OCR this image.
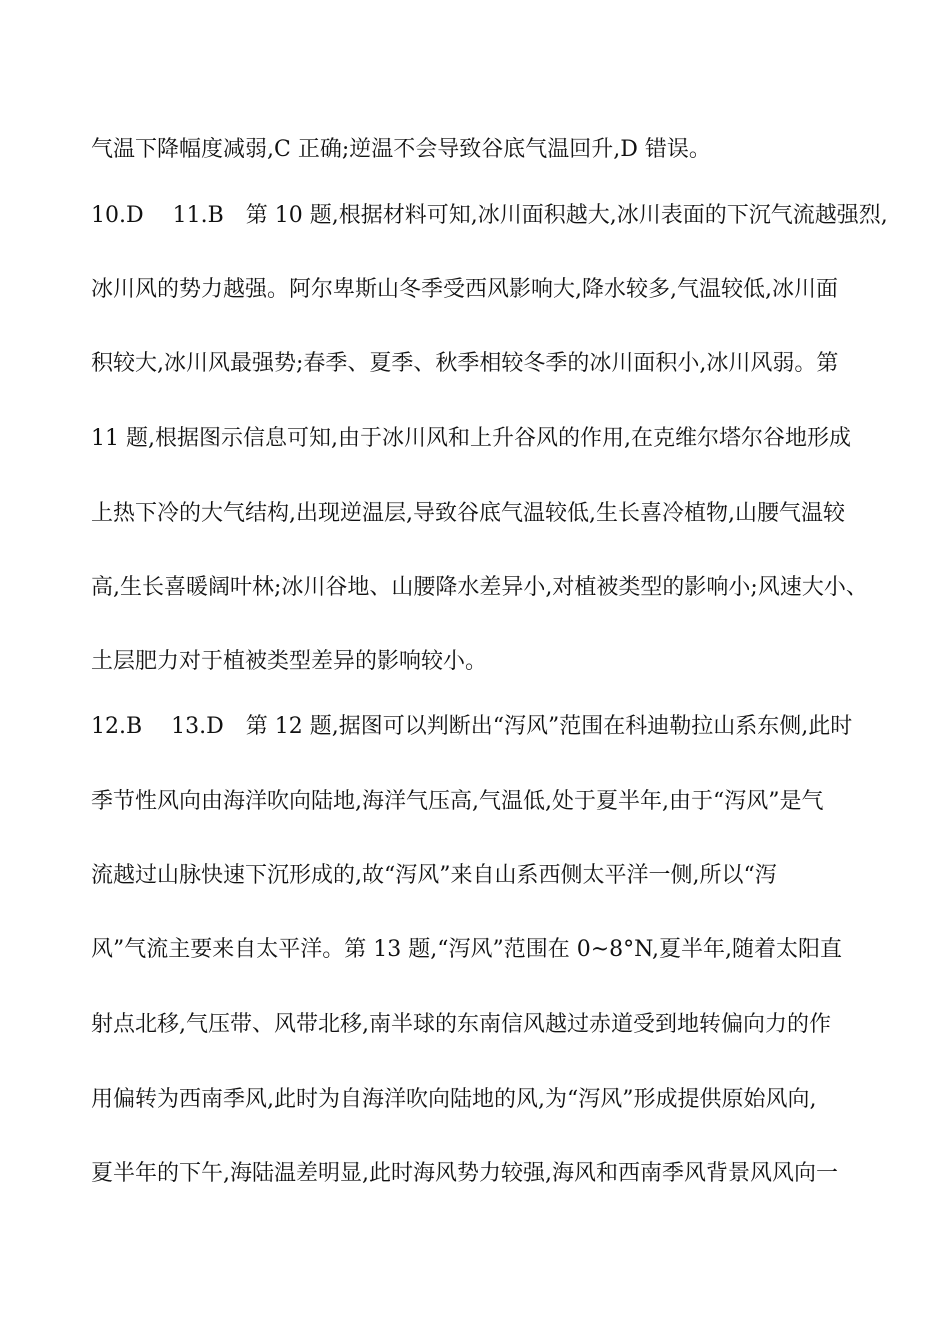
气温下降幅度减弱,C 正确;逆温不会导致谷底气温回升,D 错误。
10.D　 11.B　第 10 题,根据材料可知,冰川面积越大,冰川表面的下沉气流越强烈,
冰川风的势力越强。阿尔卑斯山冬季受西风影响大,降水较多,气温较低,冰川面
积较大,冰川风最强势;春季、夏季、秋季相较冬季的冰川面积小,冰川风弱。第
11 题,根据图示信息可知,由于冰川风和上升谷风的作用,在克维尔塔尔谷地形成
上热下冷的大气结构,出现逆温层,导致谷底气温较低,生长喜冷植物,山腰气温较
高,生长喜暖阔叶林;冰川谷地、山腰降水差异小,对植被类型的影响小;风速大小、
土层肥力对于植被类型差异的影响较小。
12.B　 13.D　第 12 题,据图可以判断出“泻风”范围在科迪勒拉山系东侧,此时
季节性风向由海洋吹向陆地,海洋气压高,气温低,处于夏半年,由于“泻风”是气
流越过山脉快速下沉形成的,故“泻风”来自山系西侧太平洋一侧,所以“泻
风”气流主要来自太平洋。第 13 题,“泻风”范围在 0~8°N,夏半年,随着太阳直
射点北移,气压带、风带北移,南半球的东南信风越过赤道受到地转偏向力的作
用偏转为西南季风,此时为自海洋吹向陆地的风,为“泻风”形成提供原始风向,
夏半年的下午,海陆温差明显,此时海风势力较强,海风和西南季风背景风风向一
